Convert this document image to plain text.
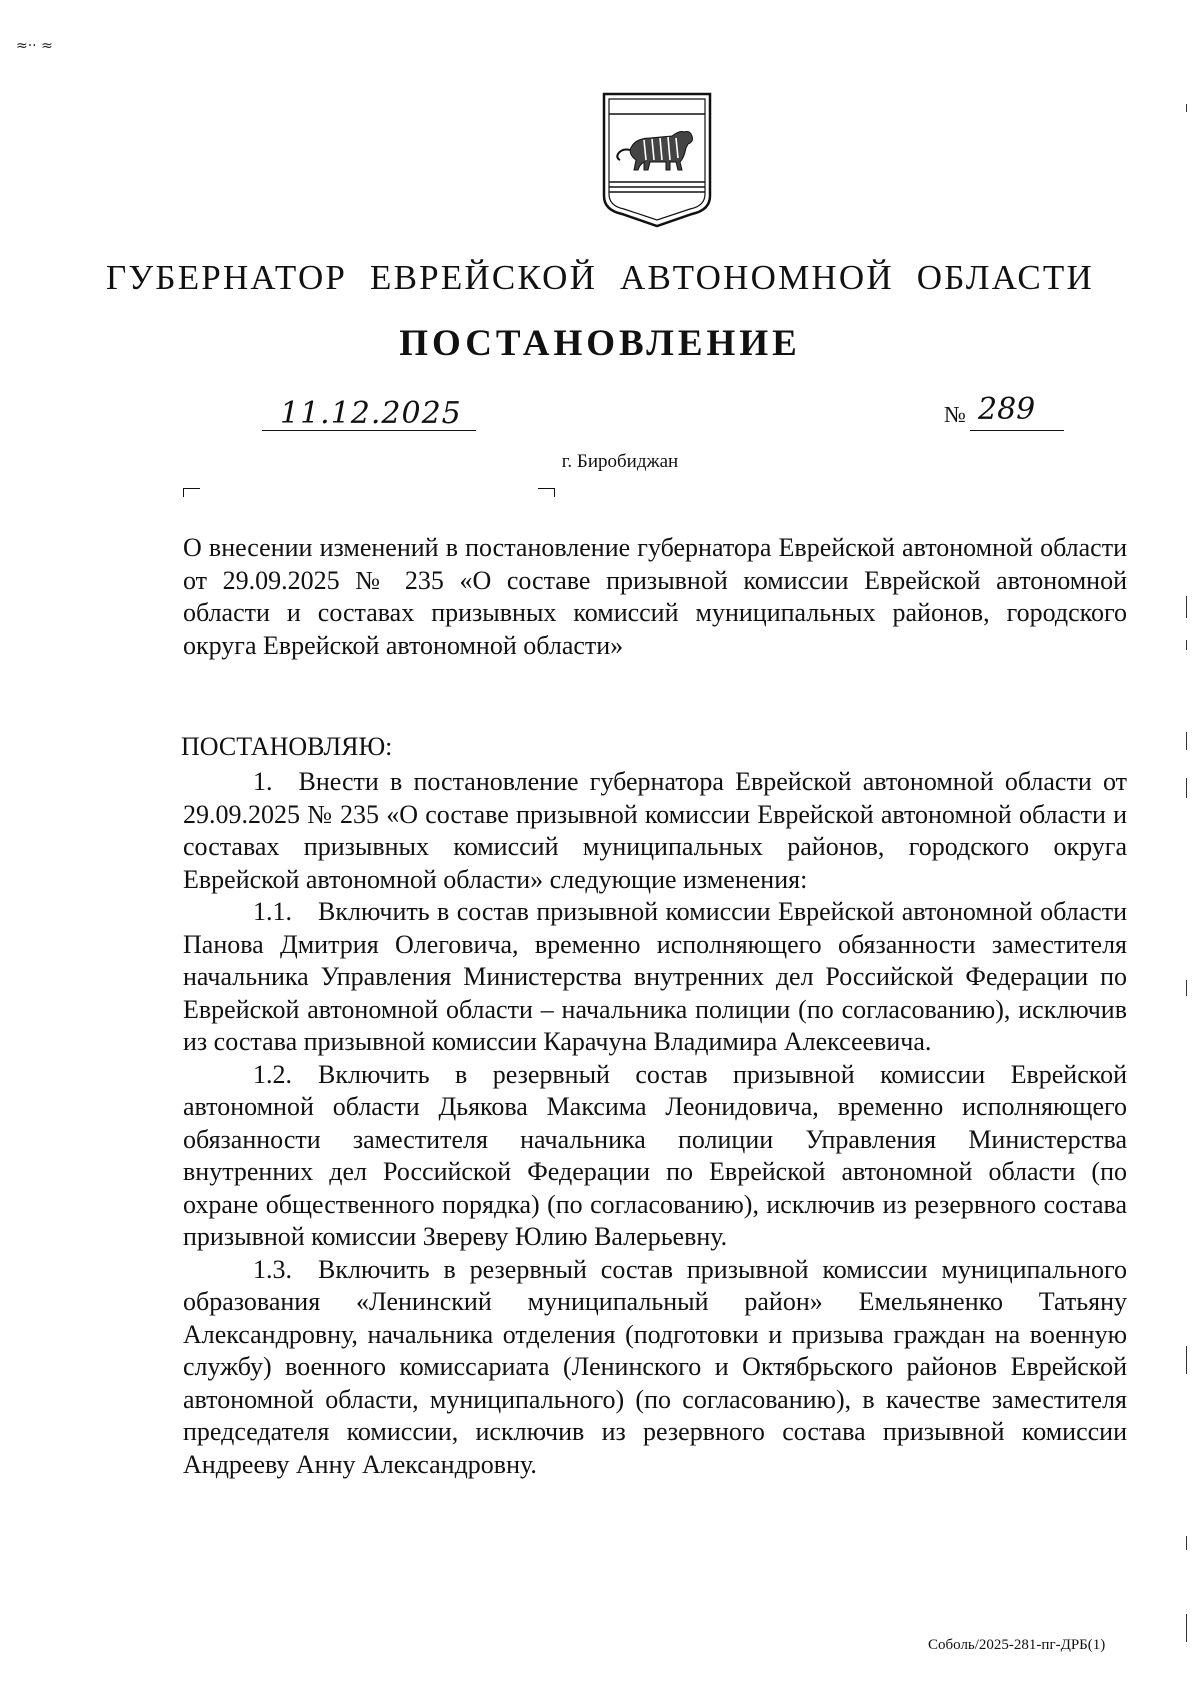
≈·· ≈
ГУБЕРНАТОР ЕВРЕЙСКОЙ АВТОНОМНОЙ ОБЛАСТИ
ПОСТАНОВЛЕНИЕ
11.12.2025	№ 289
г. Биробиджан

О внесении изменений в постановление губернатора Еврейской автономной области от 29.09.2025 № 235 «О составе призывной комиссии Еврейской автономной области и составах призывных комиссий муниципальных районов, городского округа Еврейской автономной области»

ПОСТАНОВЛЯЮ:

1. Внести в постановление губернатора Еврейской автономной области от 29.09.2025 № 235 «О составе призывной комиссии Еврейской автономной области и составах призывных комиссий муниципальных районов, городского округа Еврейской автономной области» следующие изменения:

1.1. Включить в состав призывной комиссии Еврейской автономной области Панова Дмитрия Олеговича, временно исполняющего обязанности заместителя начальника Управления Министерства внутренних дел Российской Федерации по Еврейской автономной области – начальника полиции (по согласованию), исключив из состава призывной комиссии Карачуна Владимира Алексеевича.

1.2. Включить в резервный состав призывной комиссии Еврейской автономной области Дьякова Максима Леонидовича, временно исполняющего обязанности заместителя начальника полиции Управления Министерства внутренних дел Российской Федерации по Еврейской автономной области (по охране общественного порядка) (по согласованию), исключив из резервного состава призывной комиссии Звереву Юлию Валерьевну.

1.3. Включить в резервный состав призывной комиссии муниципального образования «Ленинский муниципальный район» Емельяненко Татьяну Александровну, начальника отделения (подготовки и призыва граждан на военную службу) военного комиссариата (Ленинского и Октябрьского районов Еврейской автономной области, муниципального) (по согласованию), в качестве заместителя председателя комиссии, исключив из резервного состава призывной комиссии Андрееву Анну Александровну.

Соболь/2025-281-пг-ДРБ(1)
